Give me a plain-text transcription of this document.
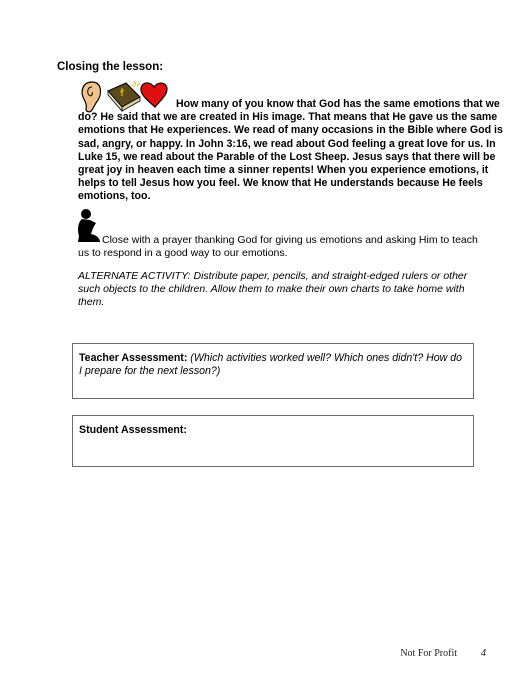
Closing the lesson:
How many of you know that God has the same emotions that we do? He said that we are created in His image. That means that He gave us the same emotions that He experiences. We read of many occasions in the Bible where God is sad, angry, or happy. In John 3:16, we read about God feeling a great love for us. In Luke 15, we read about the Parable of the Lost Sheep. Jesus says that there will be great joy in heaven each time a sinner repents! When you experience emotions, it helps to tell Jesus how you feel. We know that He understands because He feels emotions, too.
Close with a prayer thanking God for giving us emotions and asking Him to teach us to respond in a good way to our emotions.
ALTERNATE ACTIVITY: Distribute paper, pencils, and straight-edged rulers or other such objects to the children. Allow them to make their own charts to take home with them.
Teacher Assessment: (Which activities worked well? Which ones didn't? How do I prepare for the next lesson?)
Student Assessment:
Not For Profit 4
